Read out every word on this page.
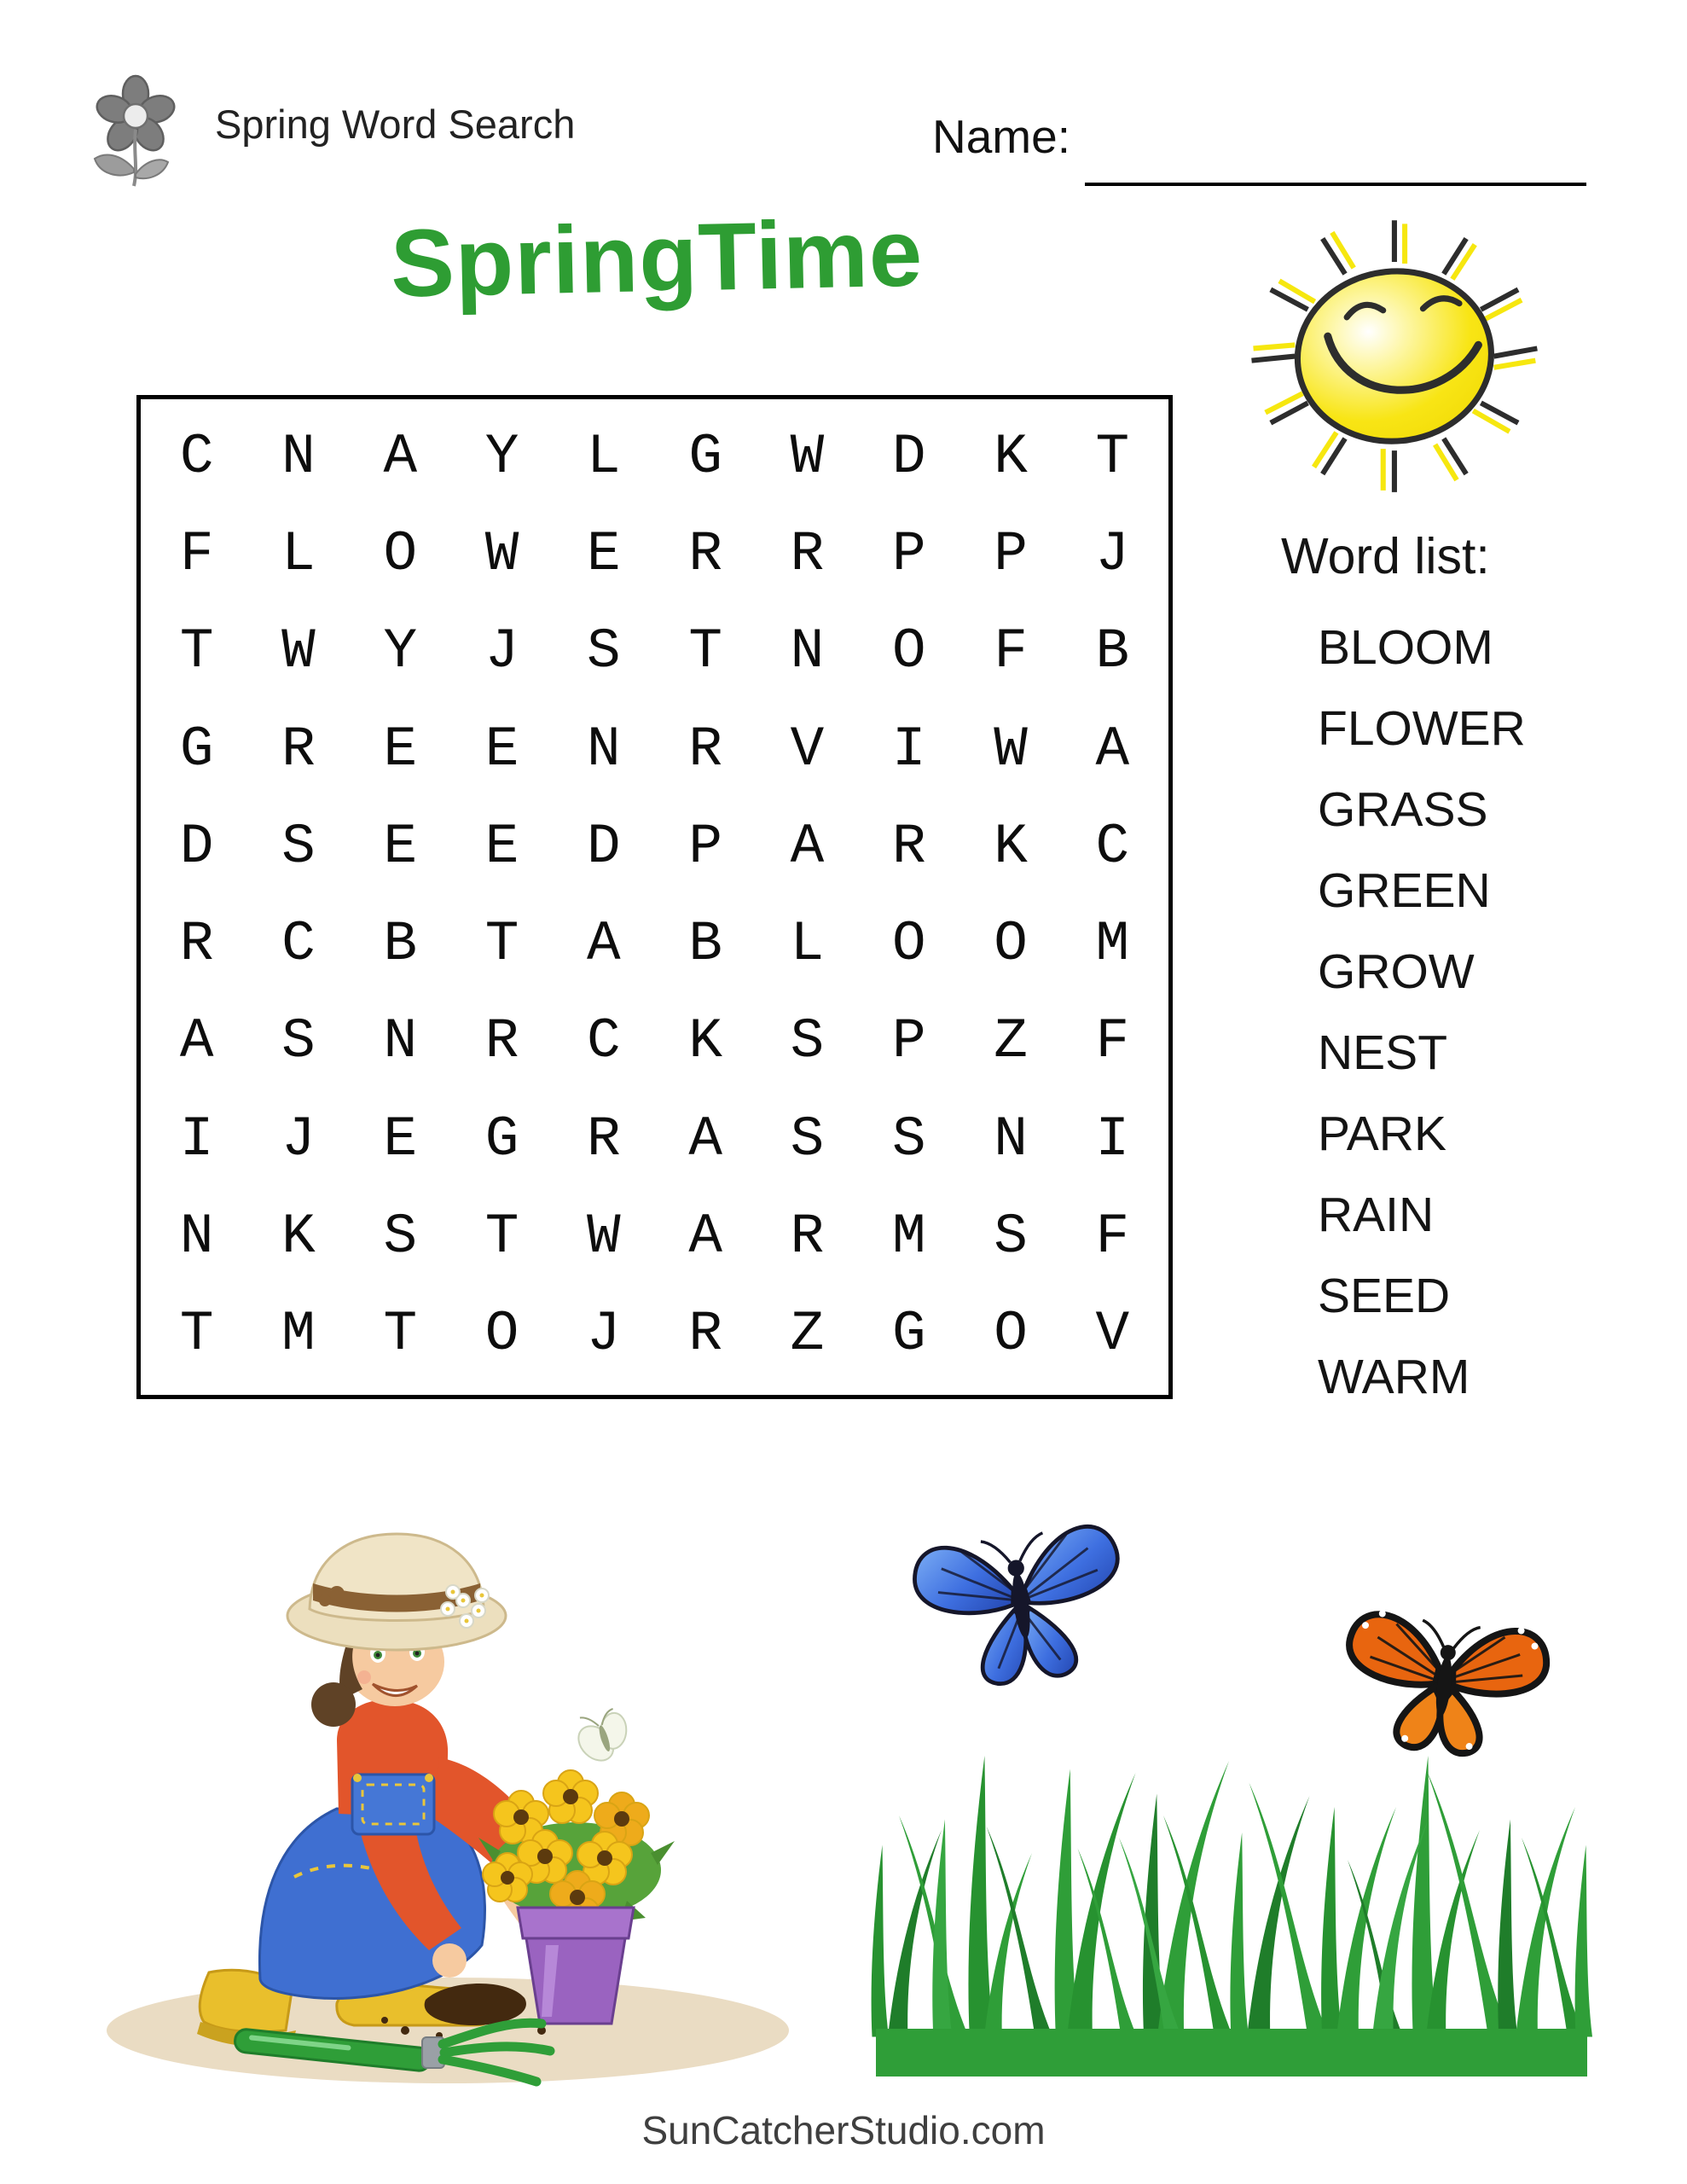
Spring Word Search	Name:
SpringTime
C	N	A	Y	L	G	W	D	K	T
F	L	O	W	E	R	R	P	P	J
T	W	Y	J	S	T	N	O	F	B
G	R	E	E	N	R	V	I	W	A
D	S	E	E	D	P	A	R	K	C
R	C	B	T	A	B	L	O	O	M
A	S	N	R	C	K	S	P	Z	F
I	J	E	G	R	A	S	S	N	I
N	K	S	T	W	A	R	M	S	F
T	M	T	O	J	R	Z	G	O	V
Word list:
BLOOM
FLOWER
GRASS
GREEN
GROW
NEST
PARK
RAIN
SEED
WARM
SunCatcherStudio.com
